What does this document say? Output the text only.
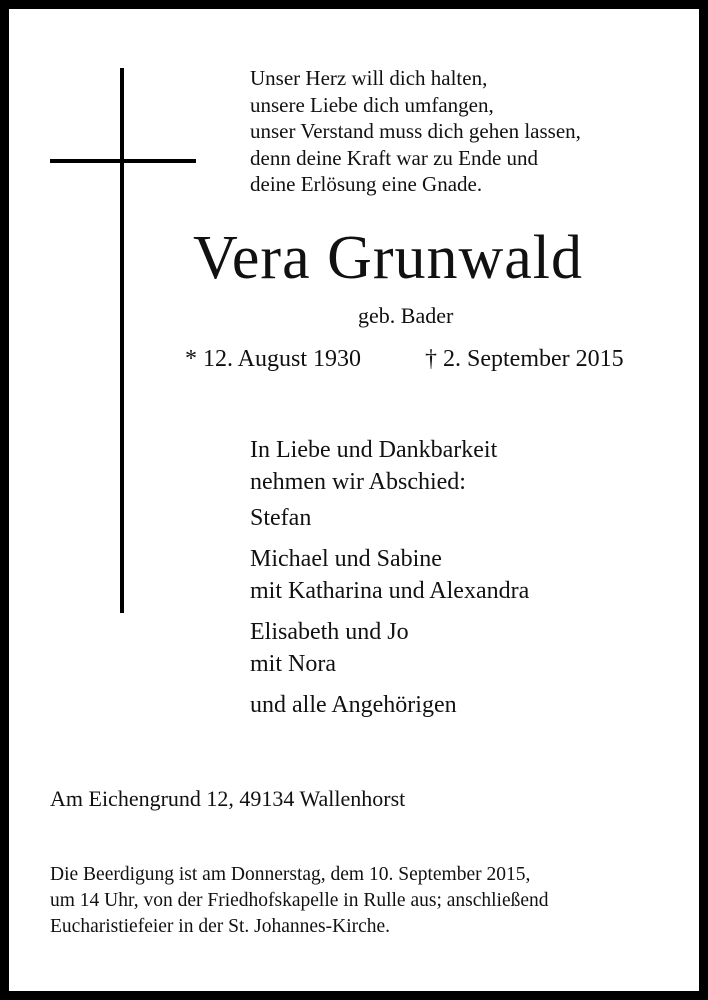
Unser Herz will dich halten,
unsere Liebe dich umfangen,
unser Verstand muss dich gehen lassen,
denn deine Kraft war zu Ende und
deine Erlösung eine Gnade.
Vera Grunwald
geb. Bader
* 12. August 1930	† 2. September 2015
In Liebe und Dankbarkeit
nehmen wir Abschied:
Stefan
Michael und Sabine
mit Katharina und Alexandra
Elisabeth und Jo
mit Nora
und alle Angehörigen
Am Eichengrund 12, 49134 Wallenhorst
Die Beerdigung ist am Donnerstag, dem 10. September 2015,
um 14 Uhr, von der Friedhofskapelle in Rulle aus; anschließend
Eucharistiefeier in der St. Johannes-Kirche.
